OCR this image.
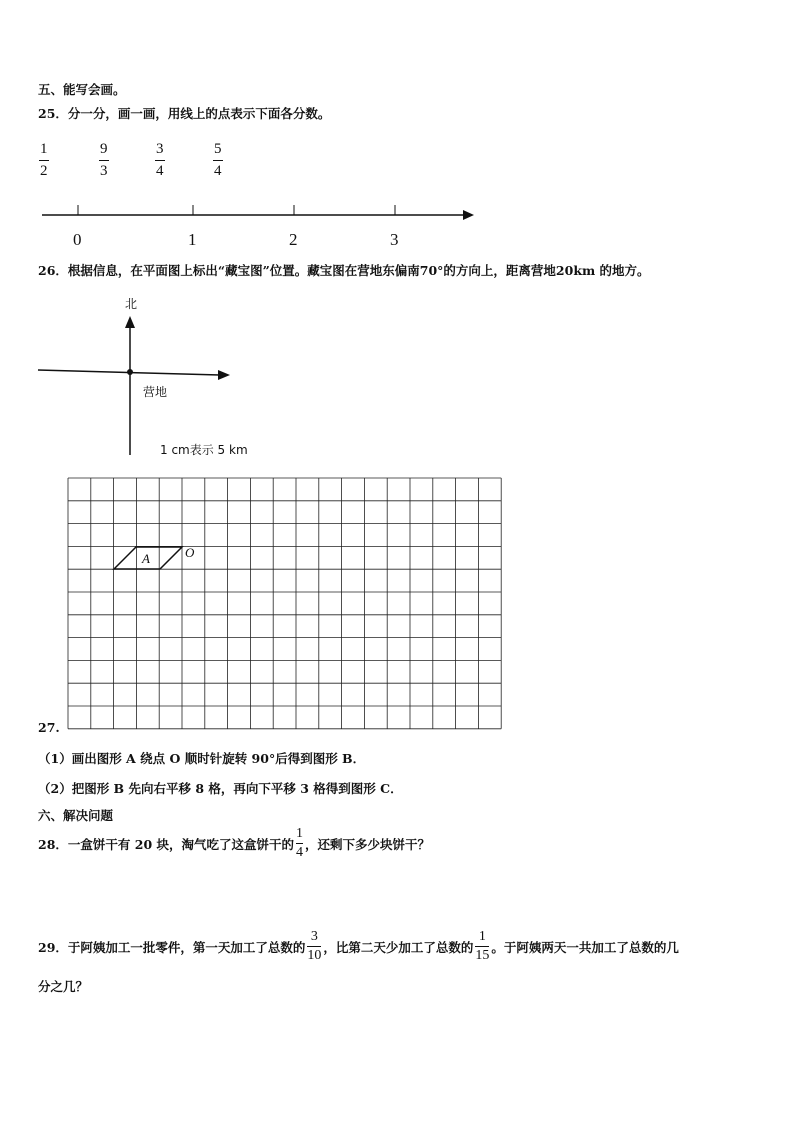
五、能写会画。
25．分一分，画一画，用线上的点表示下面各分数。
1
2
9
3
3
4
5
4
0	1	2	3
26．根据信息，在平面图上标出“藏宝图”位置。藏宝图在营地东偏南70°的方向上，距离营地20km 的地方。
北
营地
1 cm表示 5 km
27.
A	O
（1）画出图形 A 绕点 O 顺时针旋转 90°后得到图形 B．
（2）把图形 B 先向右平移 8 格，再向下平移 3 格得到图形 C．
六、解决问题
28．一盒饼干有 20 块，淘气吃了这盒饼干的
1
4
，还剩下多少块饼干？
29．于阿姨加工一批零件，第一天加工了总数的
3
10
，比第二天少加工了总数的
1
15
。于阿姨两天一共加工了总数的几
分之几？
